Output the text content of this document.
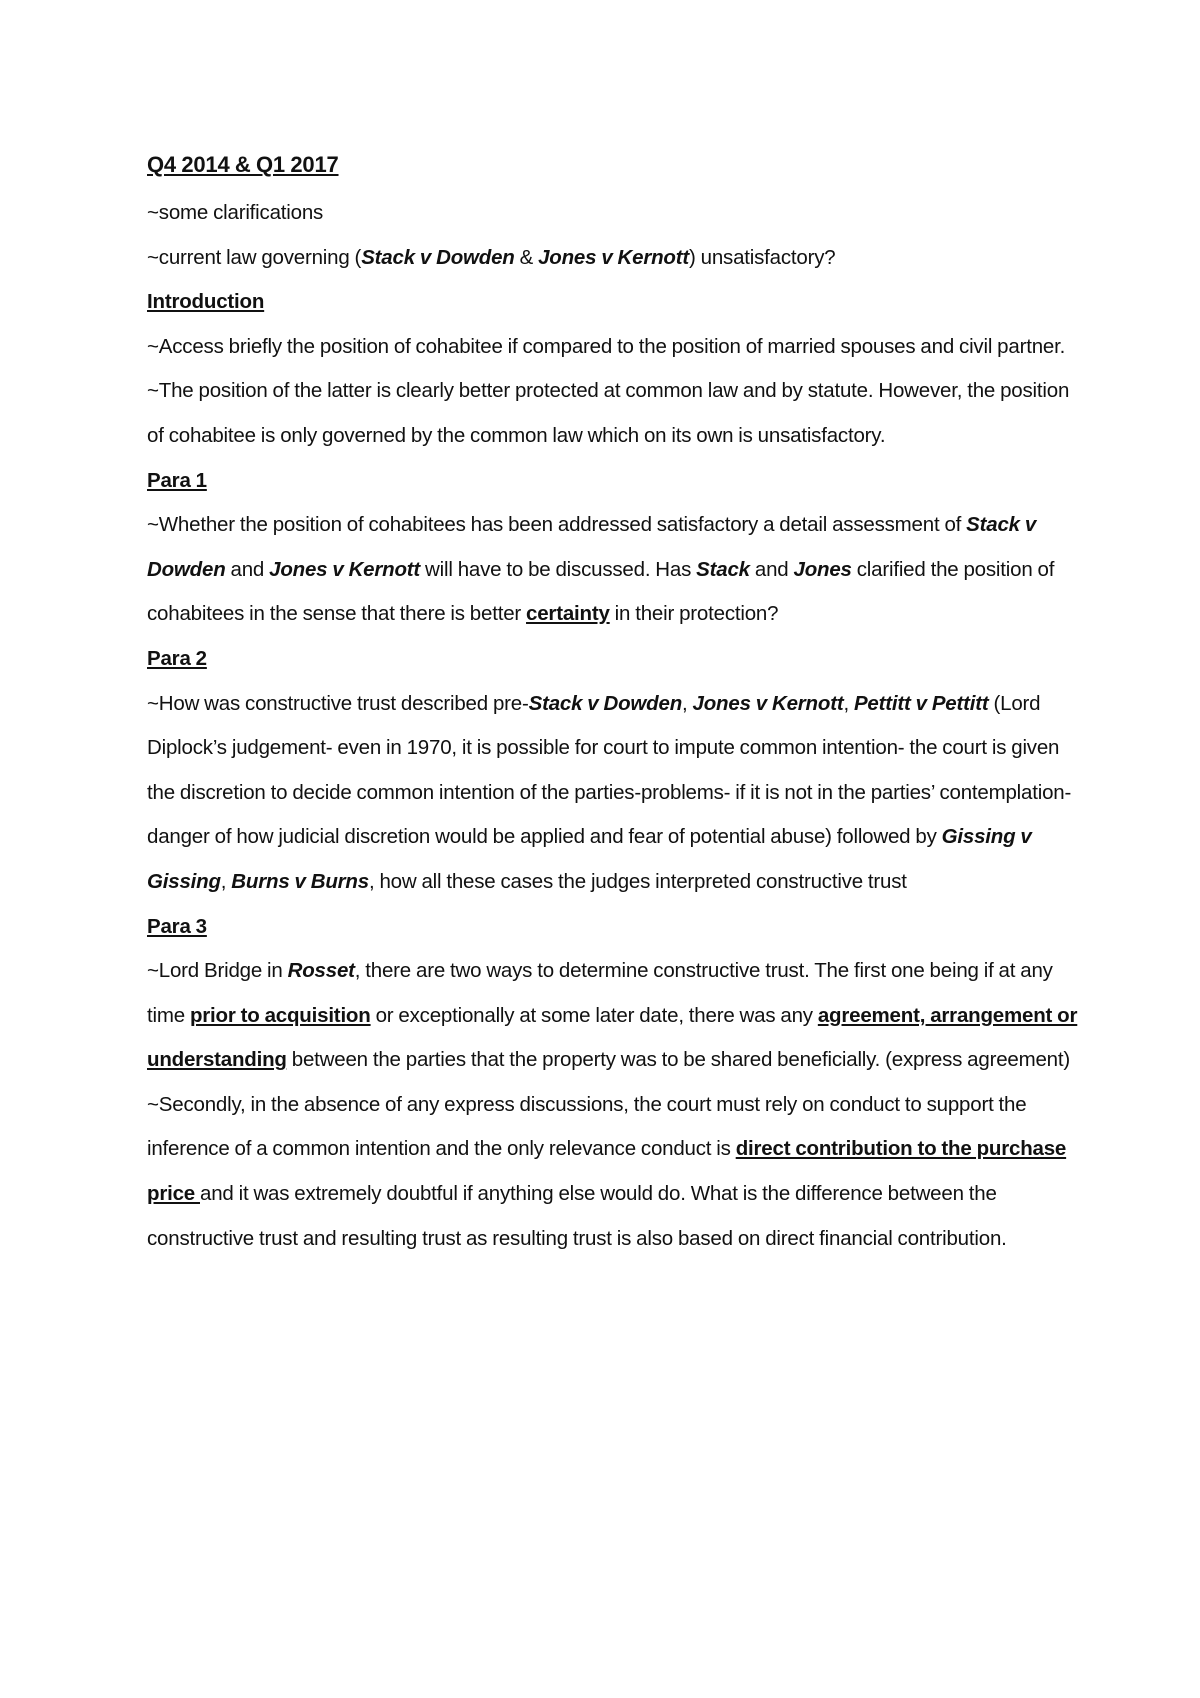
Q4 2014 & Q1 2017

~some clarifications

~current law governing (Stack v Dowden & Jones v Kernott) unsatisfactory?

Introduction

~Access briefly the position of cohabitee if compared to the position of married spouses and civil partner.

~The position of the latter is clearly better protected at common law and by statute. However, the position of cohabitee is only governed by the common law which on its own is unsatisfactory.

Para 1

~Whether the position of cohabitees has been addressed satisfactory a detail assessment of Stack v Dowden and Jones v Kernott will have to be discussed. Has Stack and Jones clarified the position of cohabitees in the sense that there is better certainty in their protection?

Para 2

~How was constructive trust described pre-Stack v Dowden, Jones v Kernott, Pettitt v Pettitt (Lord Diplock’s judgement- even in 1970, it is possible for court to impute common intention- the court is given the discretion to decide common intention of the parties-problems- if it is not in the parties’ contemplation-danger of how judicial discretion would be applied and fear of potential abuse) followed by Gissing v Gissing, Burns v Burns, how all these cases the judges interpreted constructive trust

Para 3

~Lord Bridge in Rosset, there are two ways to determine constructive trust. The first one being if at any time prior to acquisition or exceptionally at some later date, there was any agreement, arrangement or understanding between the parties that the property was to be shared beneficially. (express agreement)

~Secondly, in the absence of any express discussions, the court must rely on conduct to support the inference of a common intention and the only relevance conduct is direct contribution to the purchase price and it was extremely doubtful if anything else would do. What is the difference between the constructive trust and resulting trust as resulting trust is also based on direct financial contribution.
